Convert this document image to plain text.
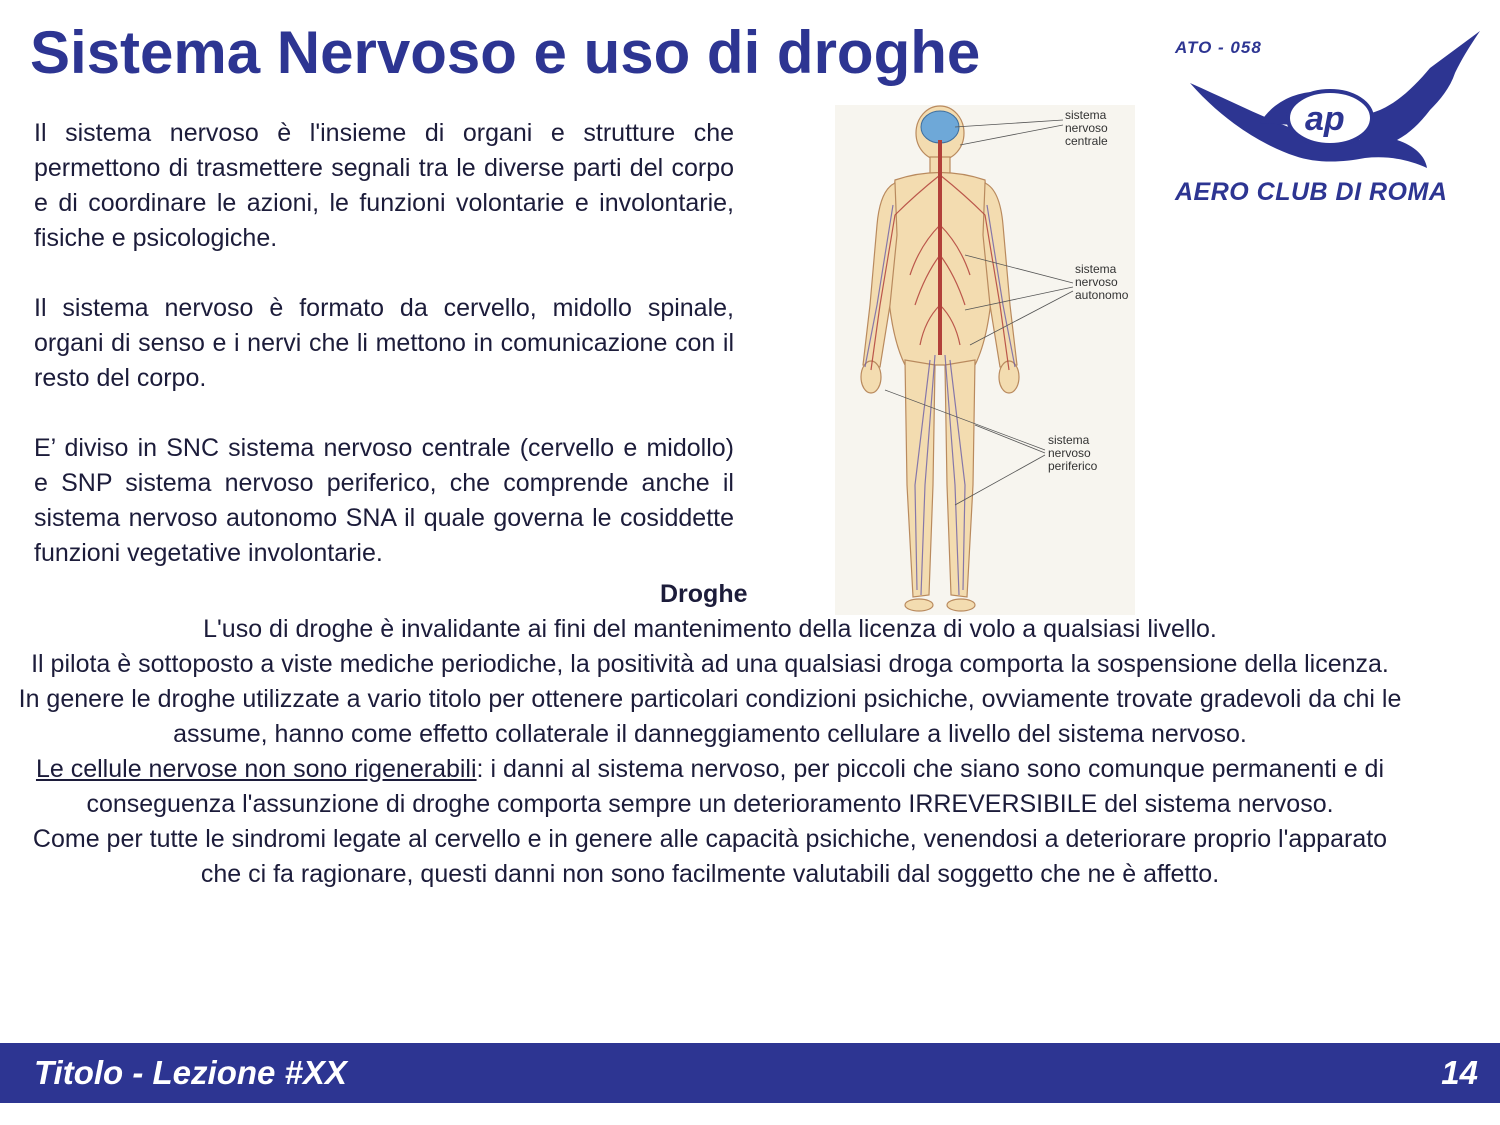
Sistema Nervoso e uso di droghe
ap
ATO - 058
AERO CLUB DI ROMA

Il sistema nervoso è l'insieme di organi e strutture che permettono di trasmettere segnali tra le diverse parti del corpo e di coordinare le azioni, le funzioni volontarie e involontarie, fisiche e psicologiche.

Il sistema nervoso è formato da cervello, midollo spinale, organi di senso e i nervi che li mettono in comunicazione con il resto del corpo.

E’ diviso in SNC sistema nervoso centrale (cervello e midollo) e SNP sistema nervoso periferico, che comprende anche il sistema nervoso autonomo SNA il quale governa le cosiddette funzioni vegetative involontarie.

sistema
nervoso
centrale
sistema
nervoso
autonomo
sistema
nervoso
periferico
Droghe

L'uso di droghe è invalidante ai fini del mantenimento della licenza di volo a qualsiasi livello.

Il pilota è sottoposto a viste mediche periodiche, la positività ad una qualsiasi droga comporta la sospensione della licenza.

In genere le droghe utilizzate a vario titolo per ottenere particolari condizioni psichiche, ovviamente trovate gradevoli da chi le assume, hanno come effetto collaterale il danneggiamento cellulare a livello del sistema nervoso.

Le cellule nervose non sono rigenerabili: i danni al sistema nervoso, per piccoli che siano sono comunque permanenti e di conseguenza l'assunzione di droghe comporta sempre un deterioramento IRREVERSIBILE del sistema nervoso.

Come per tutte le sindromi legate al cervello e in genere alle capacità psichiche, venendosi a deteriorare proprio l'apparato che ci fa ragionare, questi danni non sono facilmente valutabili dal soggetto che ne è affetto.

Titolo - Lezione #XX	14
